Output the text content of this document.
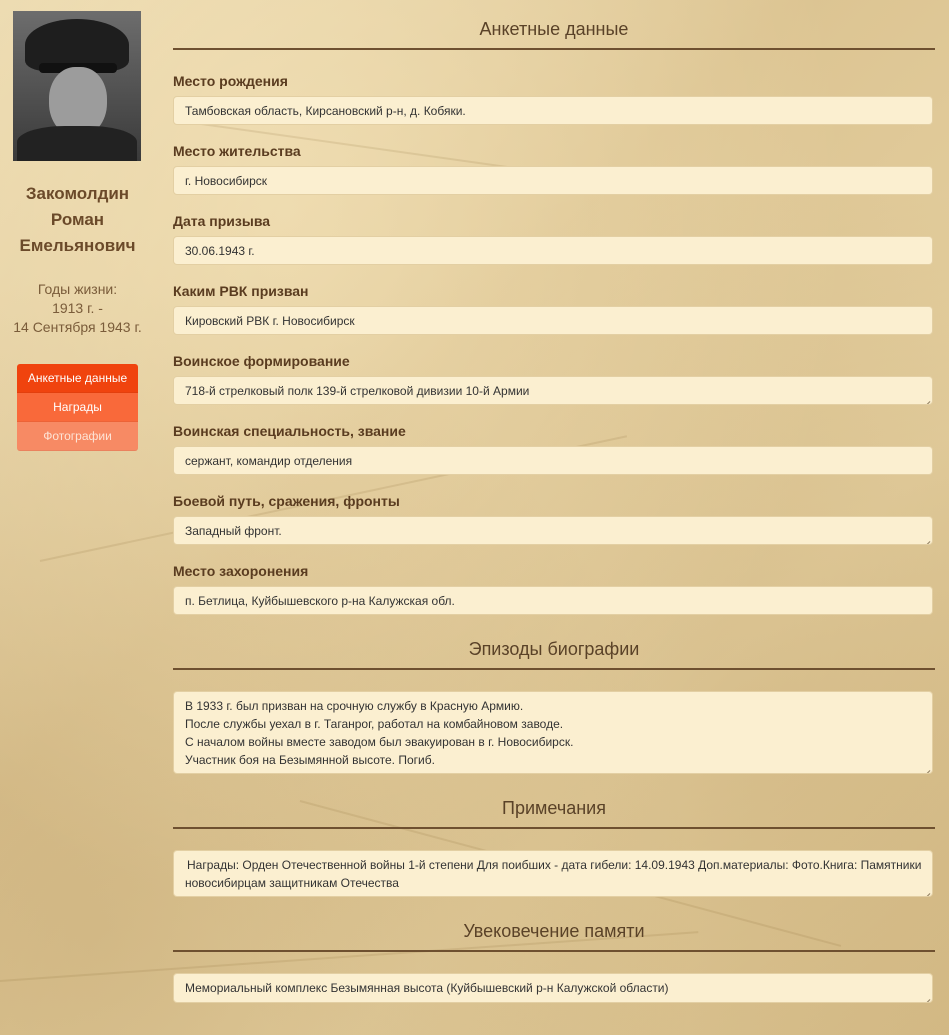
Закомолдин
Роман
Емельянович
Годы жизни:
1913 г. -
14 Сентября 1943 г.
Анкетные данные
Награды
Фотографии
Анкетные данные
Место рождения
Тамбовская область, Кирсановский р-н, д. Кобяки.
Место жительства
г. Новосибирск
Дата призыва
30.06.1943 г.
Каким РВК призван
Кировский РВК г. Новосибирск
Воинское формирование
718-й стрелковый полк 139-й стрелковой дивизии 10-й Армии
Воинская специальность, звание
сержант, командир отделения
Боевой путь, сражения, фронты
Западный фронт.
Место захоронения
п. Бетлица, Куйбышевского р-на Калужская обл.
Эпизоды биографии
В 1933 г. был призван на срочную службу в Красную Армию.
После службы уехал в г. Таганрог, работал на комбайновом заводе.
С началом войны вместе заводом был эвакуирован в г. Новосибирск.
Участник боя на Безымянной высоте. Погиб.
Примечания
Награды: Орден Отечественной войны 1-й степени Для поибших - дата гибели: 14.09.1943 Доп.материалы: Фото.Книга: Памятники
новосибирцам защитникам Отечества
Увековечение памяти
Мемориальный комплекс Безымянная высота (Куйбышевский р-н Калужской области)
